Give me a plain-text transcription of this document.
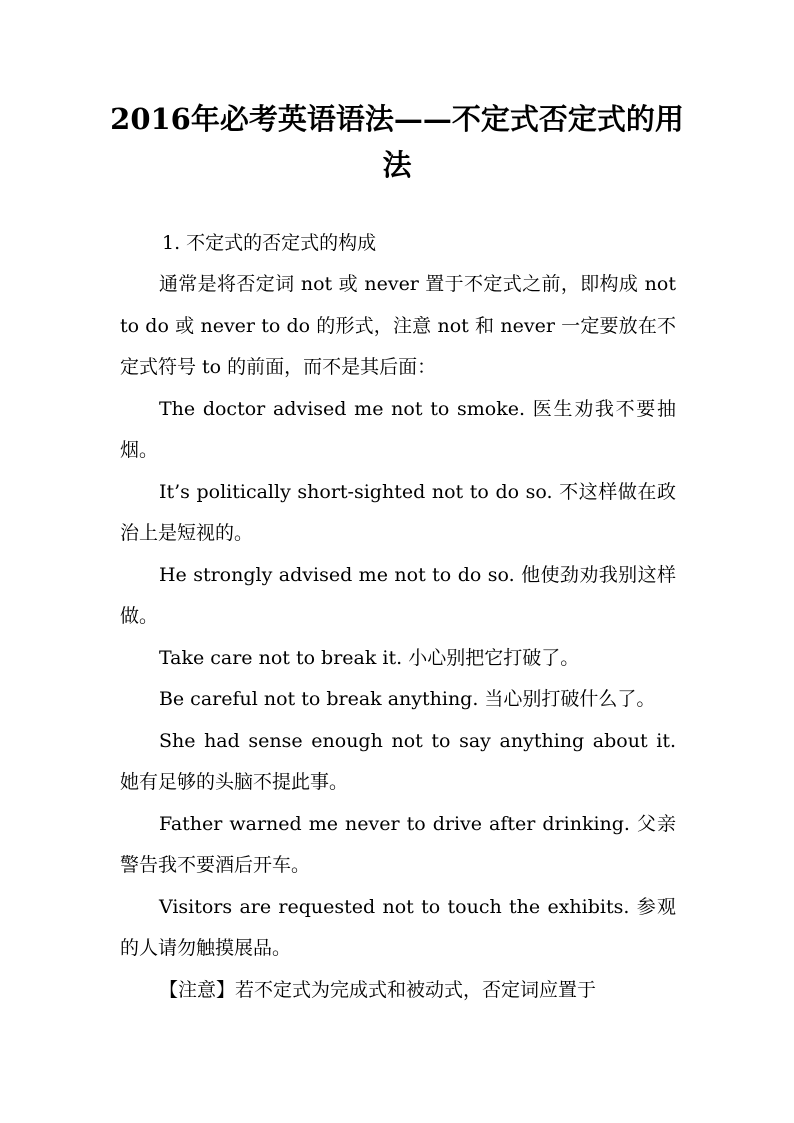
2016年必考英语语法——不定式否定式的用法

1. 不定式的否定式的构成

通常是将否定词 not 或 never 置于不定式之前，即构成 not to do 或 never to do 的形式，注意 not 和 never 一定要放在不定式符号 to 的前面，而不是其后面：

The doctor advised me not to smoke. 医生劝我不要抽烟。

It’s politically short-sighted not to do so. 不这样做在政治上是短视的。

He strongly advised me not to do so. 他使劲劝我别这样做。

Take care not to break it. 小心别把它打破了。

Be careful not to break anything. 当心别打破什么了。

She had sense enough not to say anything about it. 她有足够的头脑不提此事。

Father warned me never to drive after drinking. 父亲警告我不要酒后开车。

Visitors are requested not to touch the exhibits. 参观的人请勿触摸展品。

【注意】若不定式为完成式和被动式，否定词应置于
